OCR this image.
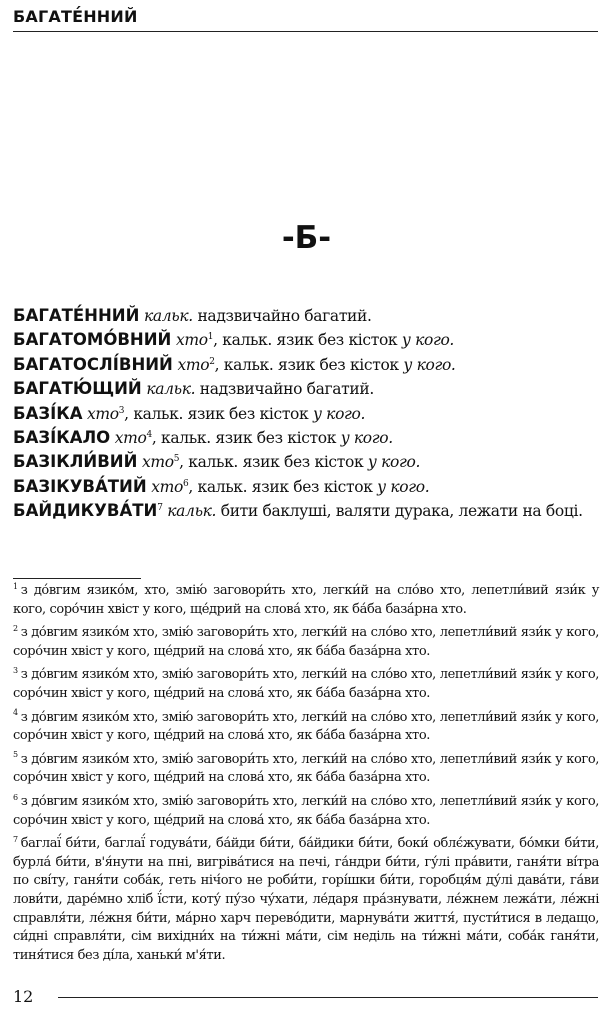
БАГАТЕ́ННИЙ
-Б-
БАГАТЕ́ННИЙ кальк. надзвичайно багатий.
БАГАТОМО́ВНИЙ хто$^1$, кальк. язик без кісток у кого.
БАГАТОСЛІ́ВНИЙ хто$^2$, кальк. язик без кісток у кого.
БАГАТЮ́ЩИЙ кальк. надзвичайно багатий.
БАЗІ́КА хто$^3$, кальк. язик без кісток у кого.
БАЗІ́КАЛО хто$^4$, кальк. язик без кісток у кого.
БАЗІКЛИ́ВИЙ хто$^5$, кальк. язик без кісток у кого.
БАЗІКУВА́ТИЙ хто$^6$, кальк. язик без кісток у кого.
$БАЙДИКУВА́ТИ^7$ кальк. бити баклуші, валяти дурака, лежати на боці.
$^1$ з до́вгим язико́м, хто, змію́ заговори́ть хто, легки́й на сло́во хто, лепетли́вий язи́к у кого, соро́чин хвіст у кого, ще́дрий на слова́ хто, як ба́ба база́рна хто.
$^2$ з до́вгим язико́м хто, змію́ заговори́ть хто, легки́й на сло́во хто, лепетли́вий язи́к у кого, соро́чин хвіст у кого, ще́дрий на слова́ хто, як ба́ба база́рна хто.
$^3$ з до́вгим язико́м хто, змію́ заговори́ть хто, легки́й на сло́во хто, лепетли́вий язи́к у кого, соро́чин хвіст у кого, ще́дрий на слова́ хто, як ба́ба база́рна хто.
$^4$ з до́вгим язико́м хто, змію́ заговори́ть хто, легки́й на сло́во хто, лепетли́вий язи́к у кого, соро́чин хвіст у кого, ще́дрий на слова́ хто, як ба́ба база́рна хто.
$^5$ з до́вгим язико́м хто, змію́ заговори́ть хто, легки́й на сло́во хто, лепетли́вий язи́к у кого, соро́чин хвіст у кого, ще́дрий на слова́ хто, як ба́ба база́рна хто.
$^6$ з до́вгим язико́м хто, змію́ заговори́ть хто, легки́й на сло́во хто, лепетли́вий язи́к у кого, соро́чин хвіст у кого, ще́дрий на слова́ хто, як ба́ба база́рна хто.
$^7$ баглаї́ би́ти, баглаї́ годува́ти, ба́йди би́ти, ба́йдики би́ти, боки́ облє́жувати, бо́мки би́ти, бурла́ би́ти, в'я́нути на пні, вигріва́тися на печі, га́ндри би́ти, гу́лі пра́вити, ганя́ти ві́тра по сві́ту, ганя́ти соба́к, геть ніч́ого не роби́ти, горі́шки би́ти, горобця́м ду́лі дава́ти, га́ви лови́ти, даре́мно хліб ї́сти, коту́ пу́зо чу́хати, ле́даря пра́знувати, ле́жнем лежа́ти, ле́жні справля́ти, ле́жня би́ти, ма́рно харч перево́дити, марнува́ти життя́, пусти́тися в ледащо, си́дні справля́ти, сім вихідни́х на ти́жні ма́ти, сім неділь на ти́жні ма́ти, соба́к ганя́ти, тиня́тися без ді́ла, ханьки́ м'я́ти.
12
